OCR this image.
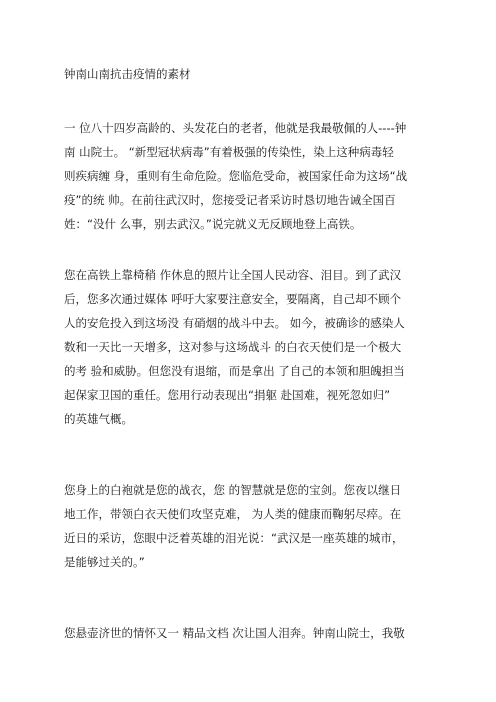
钟南山南抗击疫情的素材
一 位八十四岁高龄的、头发花白的老者，他就是我最敬佩的人----钟
南 山院士。 “新型冠状病毒”有着极强的传染性，染上这种病毒轻
则疾病缠 身，重则有生命危险。您临危受命，被国家任命为这场“战
疫”的统 帅。在前往武汉时，您接受记者采访时恳切地告诫全国百
姓：“没什 么事，别去武汉。”说完就义无反顾地登上高铁。
您在高铁上靠椅稍 作休息的照片让全国人民动容、泪目。到了武汉
后，您多次通过媒体 呼吁大家要注意安全，要隔离，自己却不顾个
人的安危投入到这场没 有硝烟的战斗中去。 如今，被确诊的感染人
数和一天比一天增多，这对参与这场战斗 的白衣天使们是一个极大
的考 验和威胁。但您没有退缩，而是拿出 了自己的本领和胆魄担当
起保家卫国的重任。您用行动表现出“捐躯 赴国难，视死忽如归”
的英雄气概。
您身上的白袍就是您的战衣，您 的智慧就是您的宝剑。您夜以继日
地工作，带领白衣天使们攻坚克难， 为人类的健康而鞠躬尽瘁。在
近日的采访，您眼中泛着英雄的泪光说：“武汉是一座英雄的城市，
是能够过关的。”
您悬壶济世的情怀又一 精品文档 次让国人泪奔。钟南山院士，我敬
